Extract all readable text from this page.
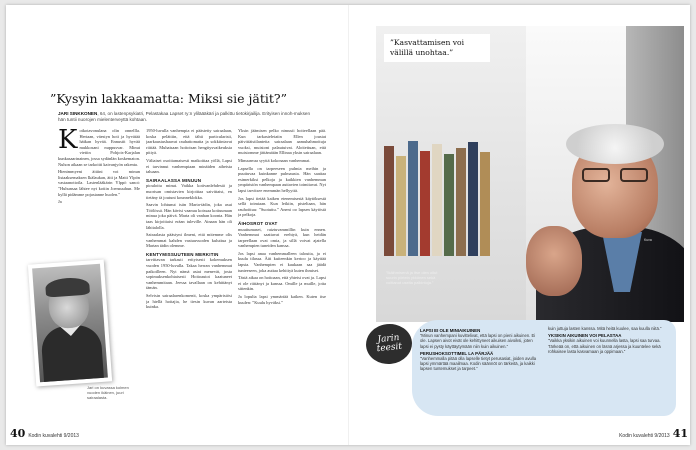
”Kysyin lakkaamatta: Miksi sie jätit?”
JARI SINKKONEN, 64, on lastenpsykiatri, Pelastakaa Lapset ry:n yliläääkäri ja palkittu tietokirjailija. Erityisen innoh-muksen hän tuntii nuorojen mielenterveyttä kohtaan.

Kotkotavonulana olin onnellla. Hertaan, väestyn hoti ja hyvätää hätkan hyvää. Ennustit hyvää mukkosani nuppusvar. Minut vietiin Pohjois-Karjalan kunkasaarinainen, jossa sydänlän koskematon. Nuhon aikaan se tarkoitti kaivanjyön rakenta.

Hienimmyeni äitiini voi minun listaaksemaksen Ikälaukan, äiti ja Matti Ylpön vastaanottoila. Lastenlääkärin Ylppö sanoi: ”Huhunsaa lähtee nyt kotiin Joensuuhun. Me kyllä pidämme pojastanne huolen.”

Ja

1950-luvulla vanhempia ei päästetty sairaalaan, koska pelättiin, että tähti particularisti, jaarkaustushaavat rauhattomatta ja sokkiintavat riittää. Muhaisaan hoitoisan hengitysvaikeuksia pitiyä.

Väliaiset osoittamaisesti matkoittaa yöllä, Lapsi ei tarvinnut vanhempiaan minäiden aiheista taluaan.

SAIRAALASSA MINUUN
piouloitu minut. Vaikka kotivanlehdestä ja nuorisan omistavien kirjoittaa saivittaist, en tietäny tä joutuni kounneklokka.

Saavin lohtunut isän Marta-tädin, joka asui Töölössä. Hän kävisi vaanuu koissaa kotiuunuan minua joka päivä. Marta oli vanhan koonta. Hän taas kirjoittaisi eräan tuleville. Ainaan hän oli lähitalolla.

Sairaalasta päästyni ilmeni, että mitemme olis vanhemmat kahden vastuuvuoden kuluttua ja Martan tädin olemme.

KENTYMISSUUTEEN MERKITIN
tarvittavan tarkasti erityisesti kokemuksen vuoden 1950-luvulla. Takaa herran vanhemmat paikoilleen. Nyt nämä asiat menevät, josta sopimuksenkohtaisesti Hoitoautot kaatuneet vanhemmitaan. Jeessa tavallaan on kehittänyt tämän.

Selvisin sairaalarenkomenit, koska ympäristösi ja hiellä hoitajia, he tiesin kuvan aarteista kuinka.

Yksin jäämisen pelko nimusii hoiteellaan pää. Kun tarkasteleiatin Ellen joustat päivittäistilanteita sairaalaan aamuhahmoituja vuoksi, muistoni palautuivat. Aloitettuan, että muistomme jättämätän Ellinaa yksin sairaalaan.

Minuunvaa syyttä kokonaan vanhemmat.

Lapsella on tarpeeseen pulmia meihin ja puuttuvaa kuinkanne pulmausta. Hän saattaa esimerkiksi pelkoja ja kaikkien vanhemman ympäristön vanhempaan auttavien toimitavat. Nyt lapsi tarvitsee enemmän hellyyttä.

Jos lapsi tietää kaiken etenemisestä käytöksestä sellä toimiaan. Kun leikiin, pisteltaan, hän rauhoittuu: ”Suotuttu.” Aneni oo lapsen käytöstä ja pelkoja.

ÄIHOSROT OVAT
muuttumaset, raiztuvammillin kuin ennen. Vanhemmat saattavat erehtyä, kun heidän tarpeellaan ovat omia, ja sillä voivat ajatella vanhempien tuneiden kanssa.

Jos lapsi anaa vanhemmalleen taloutta, ja ei kuulu tilassa. Äiti kuiteenkin kertoo ja käyttää lapsia. Vanhempien ei kaukaan saa jäädä tunteeseen, joka auttaa kehittyä kuten ihmiset.

Tästä aikaa on hoitoaan, että yhteisi ovat ja. Lapsi ei ole riittänyt ja kanssa. Omille ja muille, jotta sittenkin.

Ja lopulta lapsi ymmärtää kaiken. Kuten itse kuulen: ”Kuulu hyväksi.”

Jari on kuvassa kolmen vuoden ikäinen, juuri sairaalasta.
40 Kodin kuvalehti 9/2013
”Kasvattamisen voi välillä unohtaa.”
”Ikäihmisenä ja itse olen ollut suurin piirtein ykkönen sekä voittanut useita palkintoja.”
Kuva
Jarin
teesit
LAPSI EI OLE MINIAIKUINEN

”Minun vanhempani kuvittelivat, että lapsi on pieni aikuinen. Ei ole. Lapsen aivot eivät ole kehittyneet aikuisen aivoiksi, joten lapsi ei pysty käyttäytymään niin kuin aikuinen.”

PERUSHOKSOTTIMEL LA PÄRJÄÄ

”Vanhemmalla pitää olla lapselle tietyt perusasiat, joiden avulla lapsi ymmärtää maailmaa. Kodin säännöt on tärkeitä, ja kaikki lapsen tuntemukset ja tarpeet.”

kuin juttuja lasten kanssa. Mitä heitä kuulee, saa kuulla niitä.”

YKSIKIN AIKUINEN VOI PELASTAA

”Vaikka yksikin aikuinen voi kuunnella lasta, lapsi saa turvaa. Tärkeää on, että aikuinen on läsnä arjessa ja kuuntelee sekä rohkaisee lasta kasvamaan ja oppimaan.”

Kodin kuvalehti 9/2013 41
